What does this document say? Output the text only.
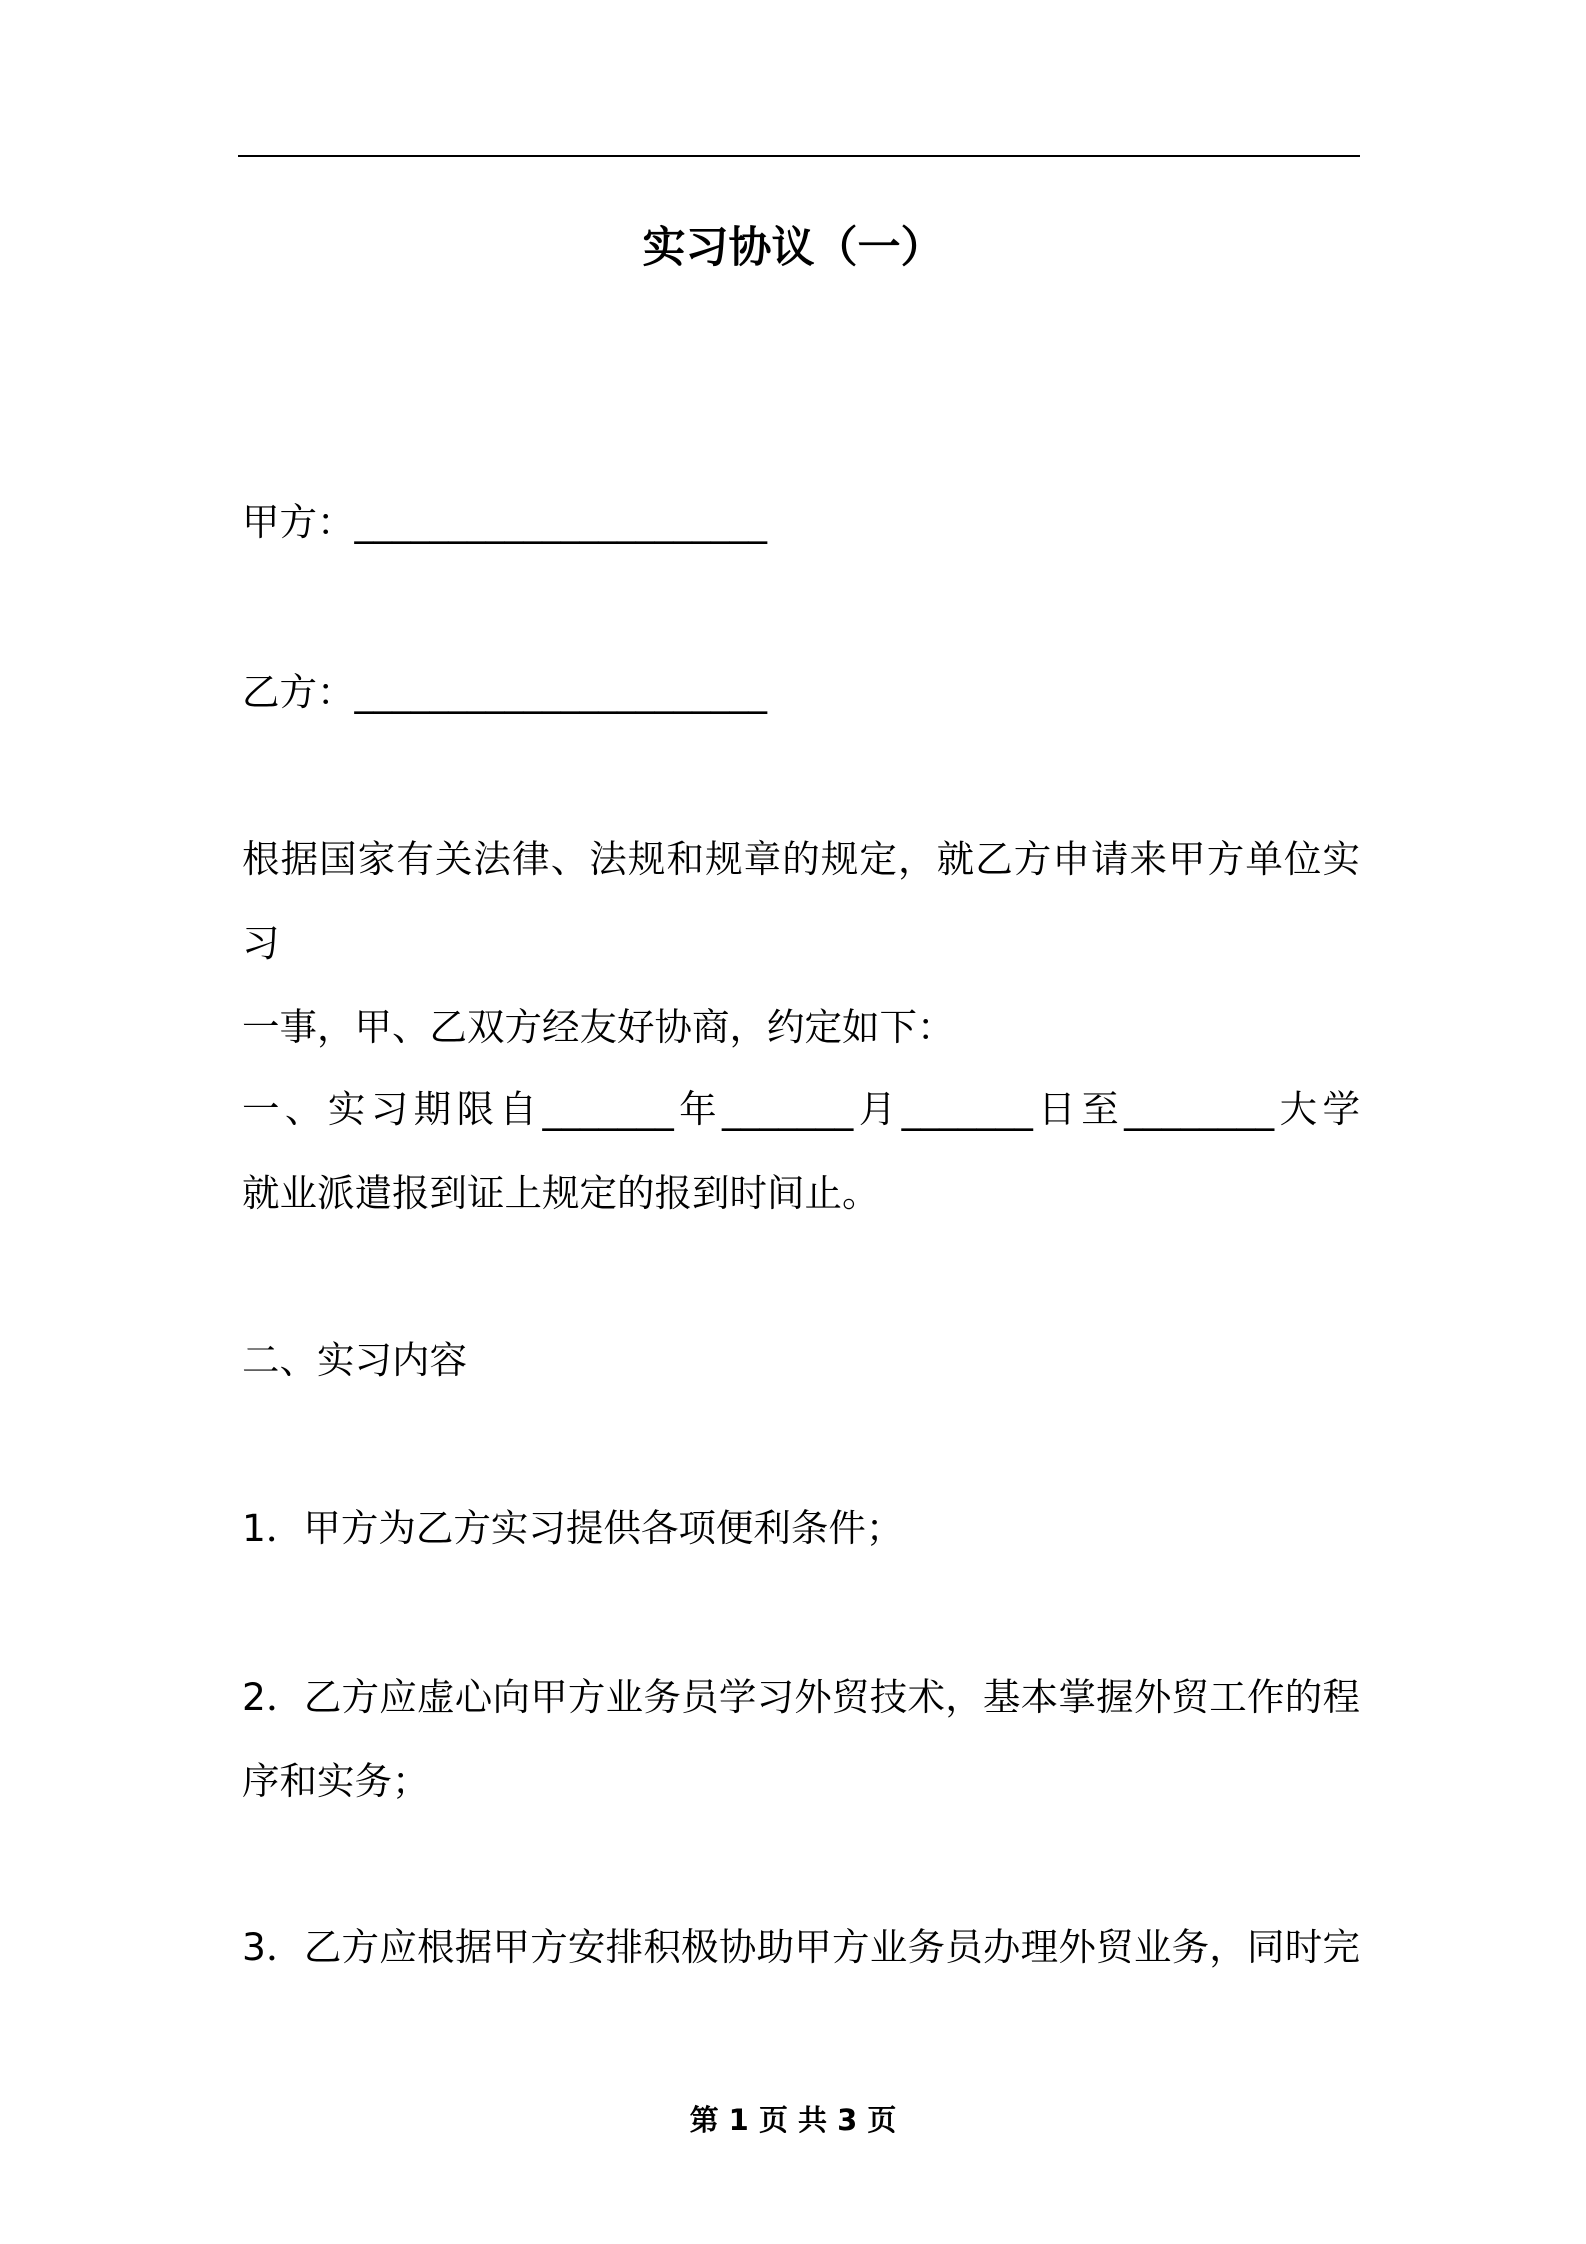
实习协议（一）
甲方：______________________
乙方：______________________
根据国家有关法律、法规和规章的规定，就乙方申请来甲方单位实习
一事，甲、乙双方经友好协商，约定如下：
一、实习期限自_______年_______月_______日至________大学
就业派遣报到证上规定的报到时间止。
二、实习内容
1．甲方为乙方实习提供各项便利条件；
2．乙方应虚心向甲方业务员学习外贸技术，基本掌握外贸工作的程
序和实务；
3．乙方应根据甲方安排积极协助甲方业务员办理外贸业务，同时完
第 1 页 共 3 页
